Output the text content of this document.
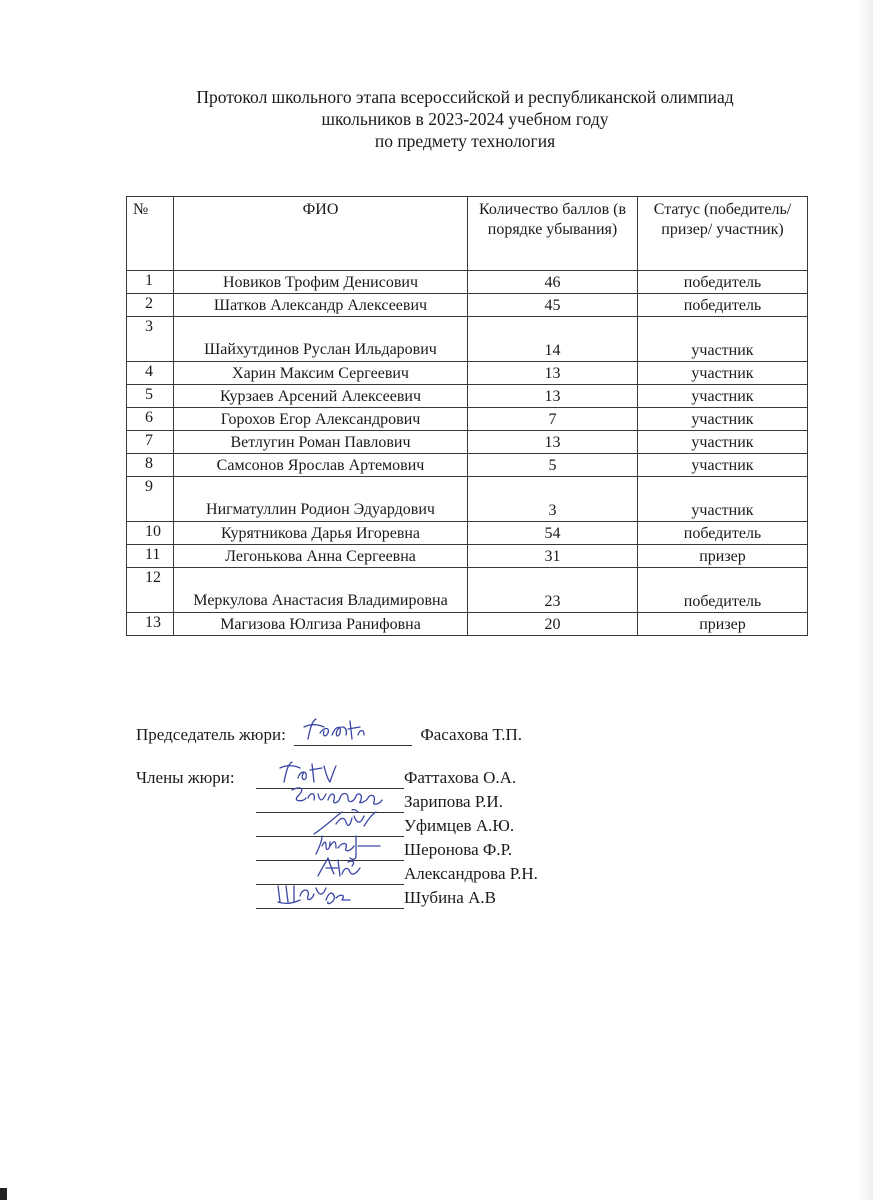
Протокол школьного этапа всероссийской и республиканской олимпиад
школьников в 2023-2024 учебном году
по предмету технология
№	ФИО	Количество баллов (в порядке убывания)	Статус (победитель/ призер/ участник)
1	Новиков Трофим Денисович	46	победитель
2	Шатков Александр Алексеевич	45	победитель
3	Шайхутдинов Руслан Ильдарович	14	участник
4	Харин Максим Сергеевич	13	участник
5	Курзаев Арсений Алексеевич	13	участник
6	Горохов Егор Александрович	7	участник
7	Ветлугин Роман Павлович	13	участник
8	Самсонов Ярослав Артемович	5	участник
9	Нигматуллин Родион Эдуардович	3	участник
10	Курятникова Дарья Игоревна	54	победитель
11	Легонькова Анна Сергеевна	31	призер
12	Меркулова Анастасия Владимировна	23	победитель
13	Магизова Юлгиза Ранифовна	20	призер
Председатель жюри:	Фасахова Т.П.
Члены жюри:	Фаттахова О.А.
Зарипова Р.И.
Уфимцев А.Ю.
Шеронова Ф.Р.
Александрова Р.Н.
Шубина А.В
